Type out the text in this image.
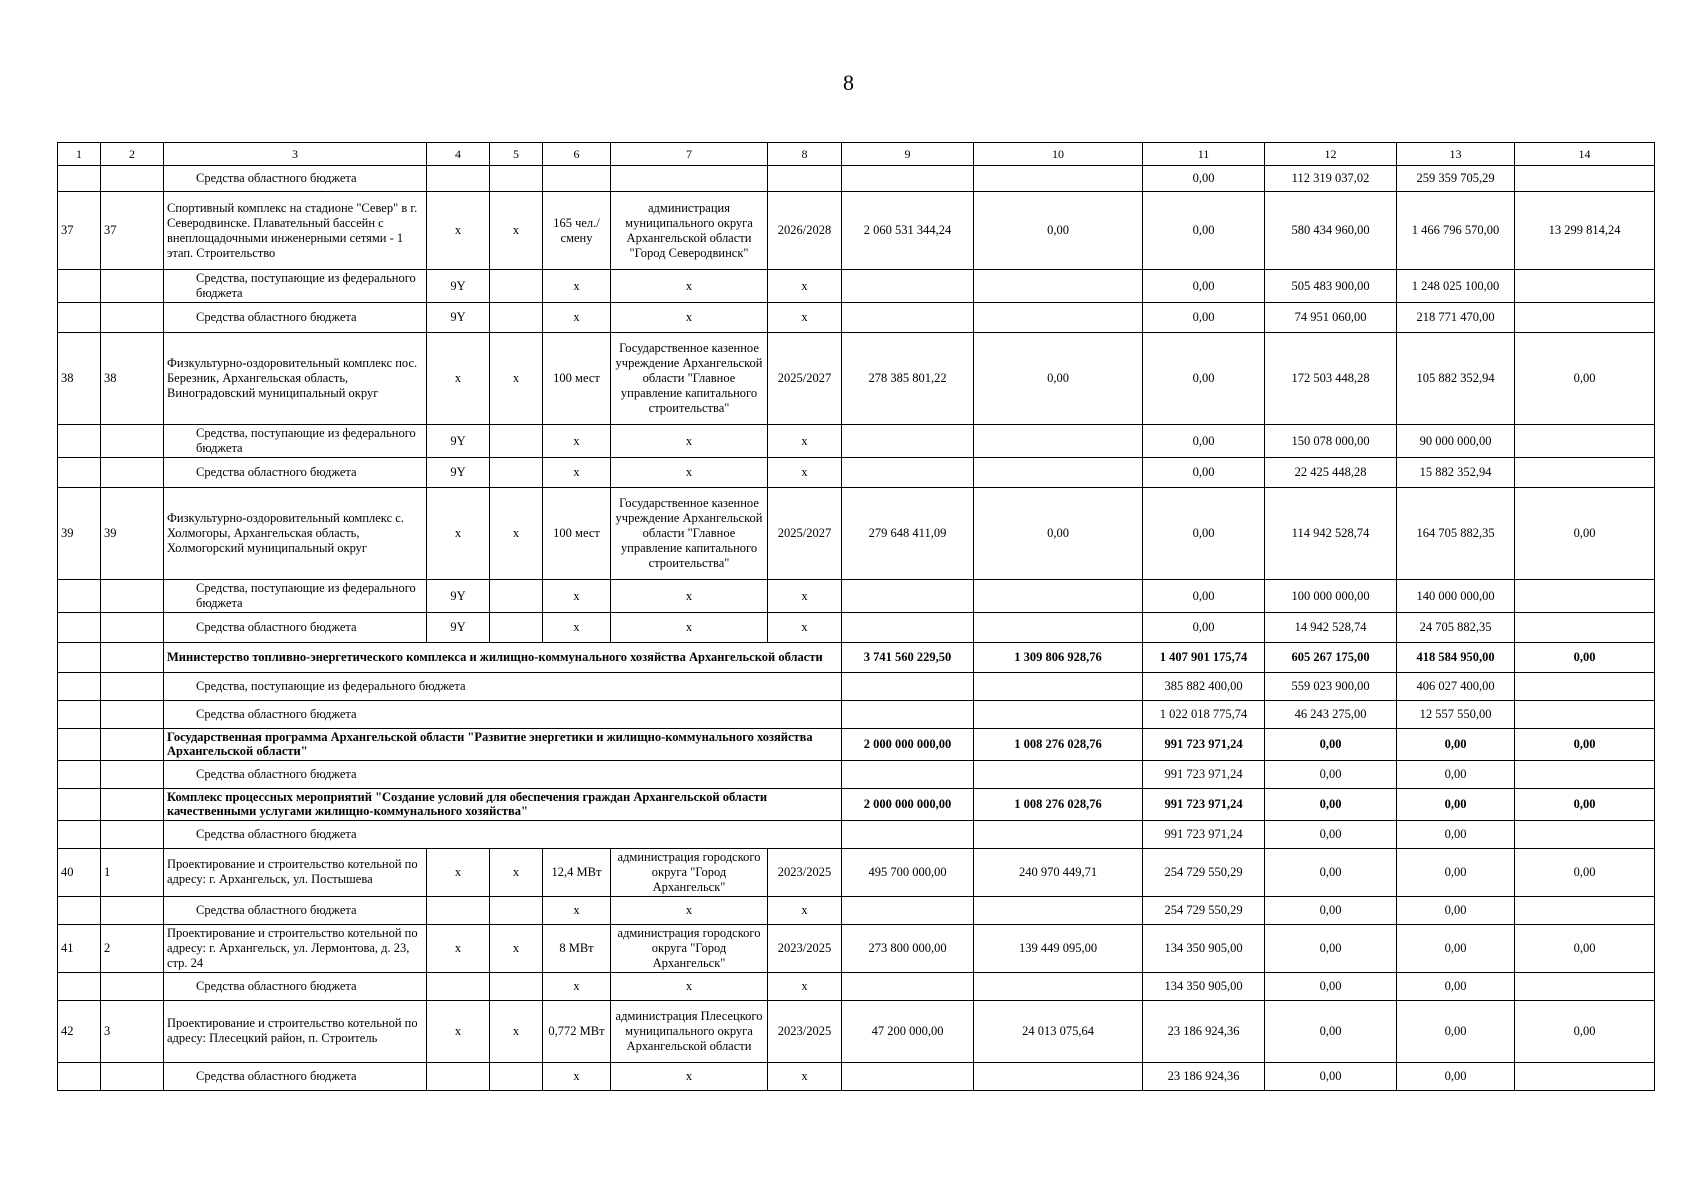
8
1	2	3	4	5	6	7	8	9	10	11	12	13	14
		Средства областного бюджета								0,00	112 319 037,02	259 359 705,29	
37	37	Спортивный комплекс на стадионе "Север" в г. Северодвинске. Плавательный бассейн с внеплощадочными инженерными сетями - 1 этап. Строительство	х	х	165 чел./смену	администрация муниципального округа Архангельской области "Город Северодвинск"	2026/2028	2 060 531 344,24	0,00	0,00	580 434 960,00	1 466 796 570,00	13 299 814,24
		Средства, поступающие из федерального бюджета	9Y		х	х	х			0,00	505 483 900,00	1 248 025 100,00	
		Средства областного бюджета	9Y		х	х	х			0,00	74 951 060,00	218 771 470,00	
38	38	Физкультурно-оздоровительный комплекс пос. Березник, Архангельская область, Виноградовский муниципальный округ	х	х	100 мест	Государственное казенное учреждение Архангельской области "Главное управление капитального строительства"	2025/2027	278 385 801,22	0,00	0,00	172 503 448,28	105 882 352,94	0,00
		Средства, поступающие из федерального бюджета	9Y		х	х	х			0,00	150 078 000,00	90 000 000,00	
		Средства областного бюджета	9Y		х	х	х			0,00	22 425 448,28	15 882 352,94	
39	39	Физкультурно-оздоровительный комплекс с. Холмогоры, Архангельская область, Холмогорский муниципальный округ	х	х	100 мест	Государственное казенное учреждение Архангельской области "Главное управление капитального строительства"	2025/2027	279 648 411,09	0,00	0,00	114 942 528,74	164 705 882,35	0,00
		Средства, поступающие из федерального бюджета	9Y		х	х	х			0,00	100 000 000,00	140 000 000,00	
		Средства областного бюджета	9Y		х	х	х			0,00	14 942 528,74	24 705 882,35	
		Министерство топливно-энергетического комплекса и жилищно-коммунального хозяйства Архангельской области						3 741 560 229,50	1 309 806 928,76	1 407 901 175,74	605 267 175,00	418 584 950,00	0,00
		Средства, поступающие из федерального бюджета								385 882 400,00	559 023 900,00	406 027 400,00	
		Средства областного бюджета								1 022 018 775,74	46 243 275,00	12 557 550,00	
		Государственная программа Архангельской области "Развитие энергетики и жилищно-коммунального хозяйства Архангельской области"						2 000 000 000,00	1 008 276 028,76	991 723 971,24	0,00	0,00	0,00
		Средства областного бюджета								991 723 971,24	0,00	0,00	
		Комплекс процессных мероприятий "Создание условий для обеспечения граждан Архангельской области качественными услугами жилищно-коммунального хозяйства"						2 000 000 000,00	1 008 276 028,76	991 723 971,24	0,00	0,00	0,00
		Средства областного бюджета								991 723 971,24	0,00	0,00	
40	1	Проектирование и строительство котельной по адресу: г. Архангельск, ул. Постышева	х	х	12,4 МВт	администрация городского округа "Город Архангельск"	2023/2025	495 700 000,00	240 970 449,71	254 729 550,29	0,00	0,00	0,00
		Средства областного бюджета			х	х	х			254 729 550,29	0,00	0,00	
41	2	Проектирование и строительство котельной по адресу: г. Архангельск, ул. Лермонтова, д. 23, стр. 24	х	х	8 МВт	администрация городского округа "Город Архангельск"	2023/2025	273 800 000,00	139 449 095,00	134 350 905,00	0,00	0,00	0,00
		Средства областного бюджета			х	х	х			134 350 905,00	0,00	0,00	
42	3	Проектирование и строительство котельной по адресу: Плесецкий район, п. Строитель	х	х	0,772 МВт	администрация Плесецкого муниципального округа Архангельской области	2023/2025	47 200 000,00	24 013 075,64	23 186 924,36	0,00	0,00	0,00
		Средства областного бюджета			х	х	х			23 186 924,36	0,00	0,00	
